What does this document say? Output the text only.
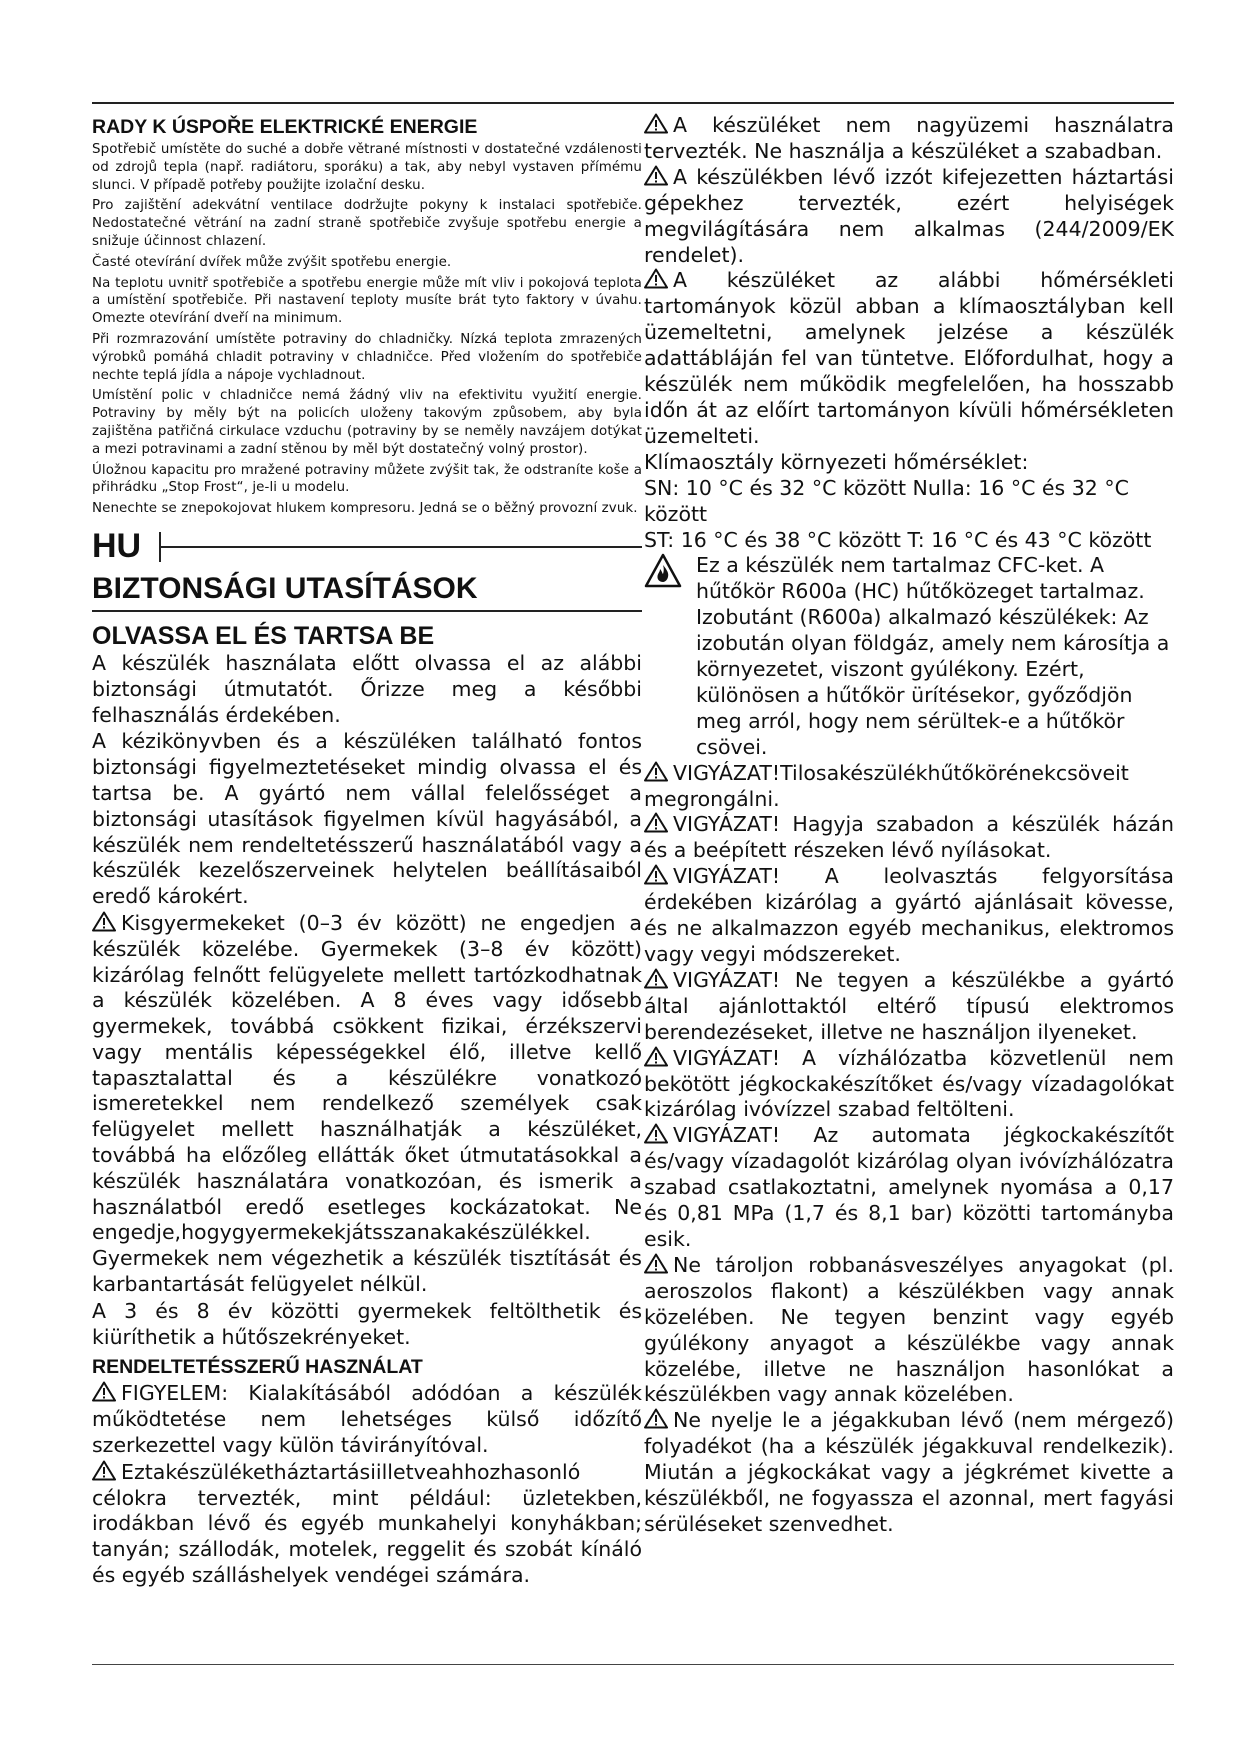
RADY K ÚSPOŘE ELEKTRICKÉ ENERGIE

Spotřebič umístěte do suché a dobře větrané místnosti v dostatečné vzdálenosti od zdrojů tepla (např. radiátoru, sporáku) a tak, aby nebyl vystaven přímému slunci. V případě potřeby použijte izolační desku.

Pro zajištění adekvátní ventilace dodržujte pokyny k instalaci spotřebiče. Nedostatečné větrání na zadní straně spotřebiče zvyšuje spotřebu energie a snižuje účinnost chlazení.

Časté otevírání dvířek může zvýšit spotřebu energie.

Na teplotu uvnitř spotřebiče a spotřebu energie může mít vliv i pokojová teplota a umístění spotřebiče. Při nastavení teploty musíte brát tyto faktory v úvahu. Omezte otevírání dveří na minimum.

Při rozmrazování umístěte potraviny do chladničky. Nízká teplota zmrazených výrobků pomáhá chladit potraviny v chladničce. Před vložením do spotřebiče nechte teplá jídla a nápoje vychladnout.

Umístění polic v chladničce nemá žádný vliv na efektivitu využití energie. Potraviny by měly být na policích uloženy takovým způsobem, aby byla zajištěna patřičná cirkulace vzduchu (potraviny by se neměly navzájem dotýkat a mezi potravinami a zadní stěnou by měl být dostatečný volný prostor).

Úložnou kapacitu pro mražené potraviny můžete zvýšit tak, že odstraníte koše a přihrádku „Stop Frost“, je-li u modelu.

Nenechte se znepokojovat hlukem kompresoru. Jedná se o běžný provozní zvuk.

HU
BIZTONSÁGI UTASÍTÁSOK
OLVASSA EL ÉS TARTSA BE

A készülék használata előtt olvassa el az alábbi biztonsági útmutatót. Őrizze meg a későbbi felhasználás érdekében.

A kézikönyvben és a készüléken található fontos biztonsági figyelmeztetéseket mindig olvassa el és tartsa be. A gyártó nem vállal felelősséget a biztonsági utasítások figyelmen kívül hagyásából, a készülék nem rendeltetésszerű használatából vagy a készülék kezelőszerveinek helytelen beállításaiból eredő károkért.

Kisgyermekeket (0–3 év között) ne engedjen a készülék közelébe. Gyermekek (3–8 év között) kizárólag felnőtt felügyelete mellett tartózkodhatnak a készülék közelében. A 8 éves vagy idősebb gyermekek, továbbá csökkent fizikai, érzékszervi vagy mentális képességekkel élő, illetve kellő tapasztalattal és a készülékre vonatkozó ismeretekkel nem rendelkező személyek csak felügyelet mellett használhatják a készüléket, továbbá ha előzőleg ellátták őket útmutatásokkal a készülék használatára vonatkozóan, és ismerik a használatból eredő esetleges kockázatokat. Ne engedje,hogygyermekekjátsszanakakészülékkel. Gyermekek nem végezhetik a készülék tisztítását és karbantartását felügyelet nélkül.

A 3 és 8 év közötti gyermekek feltölthetik és kiüríthetik a hűtőszekrényeket.

RENDELTETÉSSZERŰ HASZNÁLAT

FIGYELEM: Kialakításából adódóan a készülék működtetése nem lehetséges külső időzítő szerkezettel vagy külön távirányítóval.

Eztakészüléketháztartásiilletveahhozhasonló célokra tervezték, mint például: üzletekben, irodákban lévő és egyéb munkahelyi konyhákban; tanyán; szállodák, motelek, reggelit és szobát kínáló és egyéb szálláshelyek vendégei számára.

A készüléket nem nagyüzemi használatra tervezték. Ne használja a készüléket a szabadban.

A készülékben lévő izzót kifejezetten háztartási gépekhez tervezték, ezért helyiségek megvilágítására nem alkalmas (244/2009/EK rendelet).

A készüléket az alábbi hőmérsékleti tartományok közül abban a klímaosztályban kell üzemeltetni, amelynek jelzése a készülék adattábláján fel van tüntetve. Előfordulhat, hogy a készülék nem működik megfelelően, ha hosszabb időn át az előírt tartományon kívüli hőmérsékleten üzemelteti.

Klímaosztály környezeti hőmérséklet:

SN: 10 °C és 32 °C között Nulla: 16 °C és 32 °C között

ST: 16 °C és 38 °C között T: 16 °C és 43 °C között

Ez a készülék nem tartalmaz CFC-ket. A hűtőkör R600a (HC) hűtőközeget tartalmaz. Izobutánt (R600a) alkalmazó készülékek: Az izobután olyan földgáz, amely nem károsítja a környezetet, viszont gyúlékony. Ezért, különösen a hűtőkör ürítésekor, győződjön meg arról, hogy nem sérültek-e a hűtőkör csövei.

VIGYÁZAT!Tilosakészülékhűtőkörénekcsöveit megrongálni.

VIGYÁZAT! Hagyja szabadon a készülék házán és a beépített részeken lévő nyílásokat.

VIGYÁZAT! A leolvasztás felgyorsítása érdekében kizárólag a gyártó ajánlásait kövesse, és ne alkalmazzon egyéb mechanikus, elektromos vagy vegyi módszereket.

VIGYÁZAT! Ne tegyen a készülékbe a gyártó által ajánlottaktól eltérő típusú elektromos berendezéseket, illetve ne használjon ilyeneket.

VIGYÁZAT! A vízhálózatba közvetlenül nem bekötött jégkockakészítőket és/vagy vízadagolókat kizárólag ivóvízzel szabad feltölteni.

VIGYÁZAT! Az automata jégkockakészítőt és/vagy vízadagolót kizárólag olyan ivóvízhálózatra szabad csatlakoztatni, amelynek nyomása a 0,17 és 0,81 MPa (1,7 és 8,1 bar) közötti tartományba esik.

Ne tároljon robbanásveszélyes anyagokat (pl. aeroszolos flakont) a készülékben vagy annak közelében. Ne tegyen benzint vagy egyéb gyúlékony anyagot a készülékbe vagy annak közelébe, illetve ne használjon hasonlókat a készülékben vagy annak közelében.

Ne nyelje le a jégakkuban lévő (nem mérgező) folyadékot (ha a készülék jégakkuval rendelkezik). Miután a jégkockákat vagy a jégkrémet kivette a készülékből, ne fogyassza el azonnal, mert fagyási sérüléseket szenvedhet.
